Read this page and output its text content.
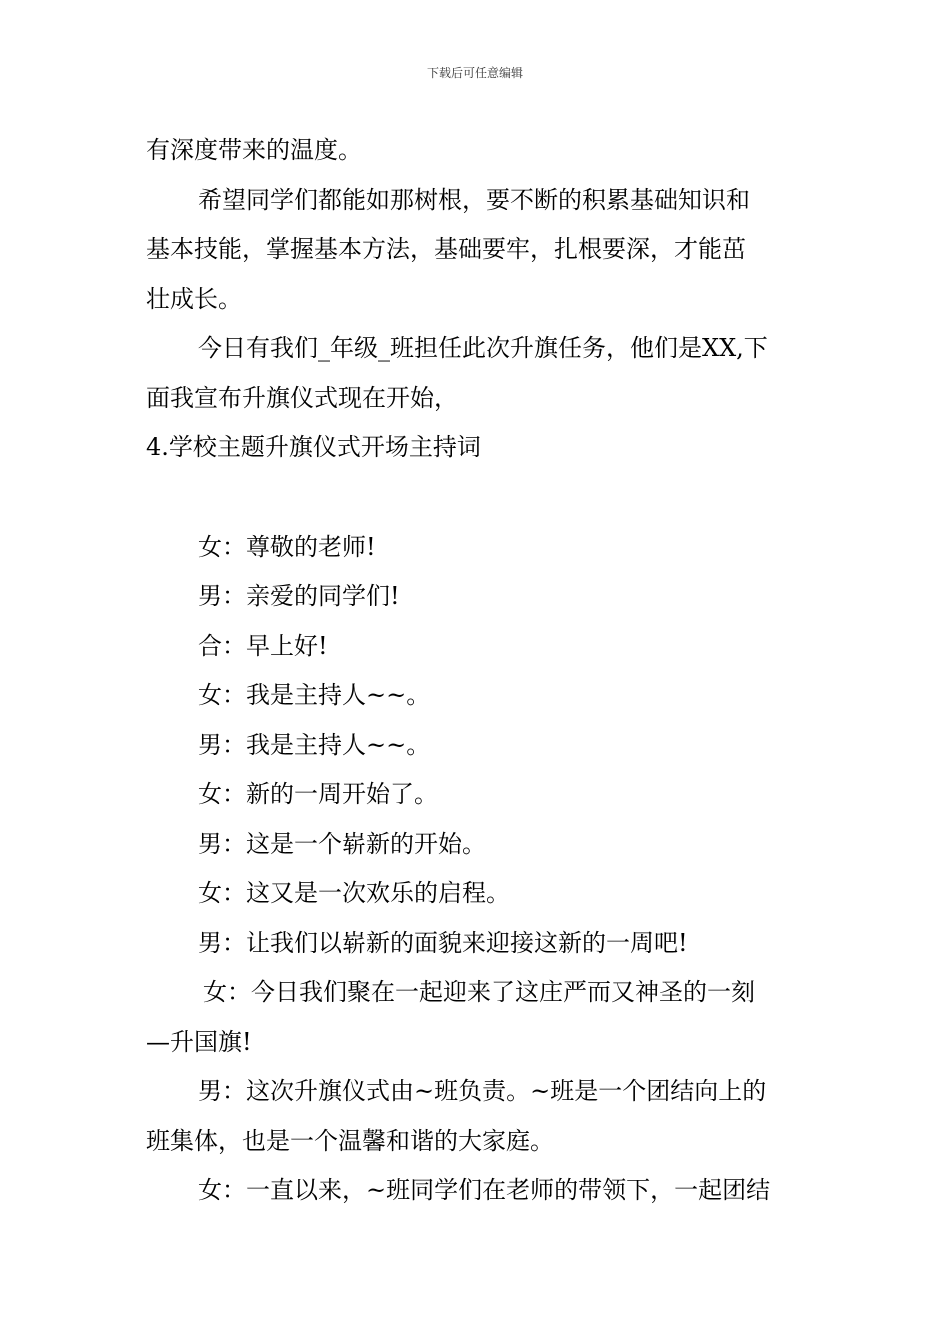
下载后可任意编辑
有深度带来的温度。
希望同学们都能如那树根，要不断的积累基础知识和
基本技能，掌握基本方法，基础要牢，扎根要深，才能茁
壮成长。
今日有我们_年级_班担任此次升旗任务，他们是XX,下
面我宣布升旗仪式现在开始，
4.学校主题升旗仪式开场主持词
女：尊敬的老师!
男：亲爱的同学们!
合：早上好!
女：我是主持人~~。
男：我是主持人~~。
女：新的一周开始了。
男：这是一个崭新的开始。
女：这又是一次欢乐的启程。
男：让我们以崭新的面貌来迎接这新的一周吧!
女：今日我们聚在一起迎来了这庄严而又神圣的一刻
—升国旗!
男：这次升旗仪式由~班负责。~班是一个团结向上的
班集体，也是一个温馨和谐的大家庭。
女：一直以来，~班同学们在老师的带领下，一起团结
